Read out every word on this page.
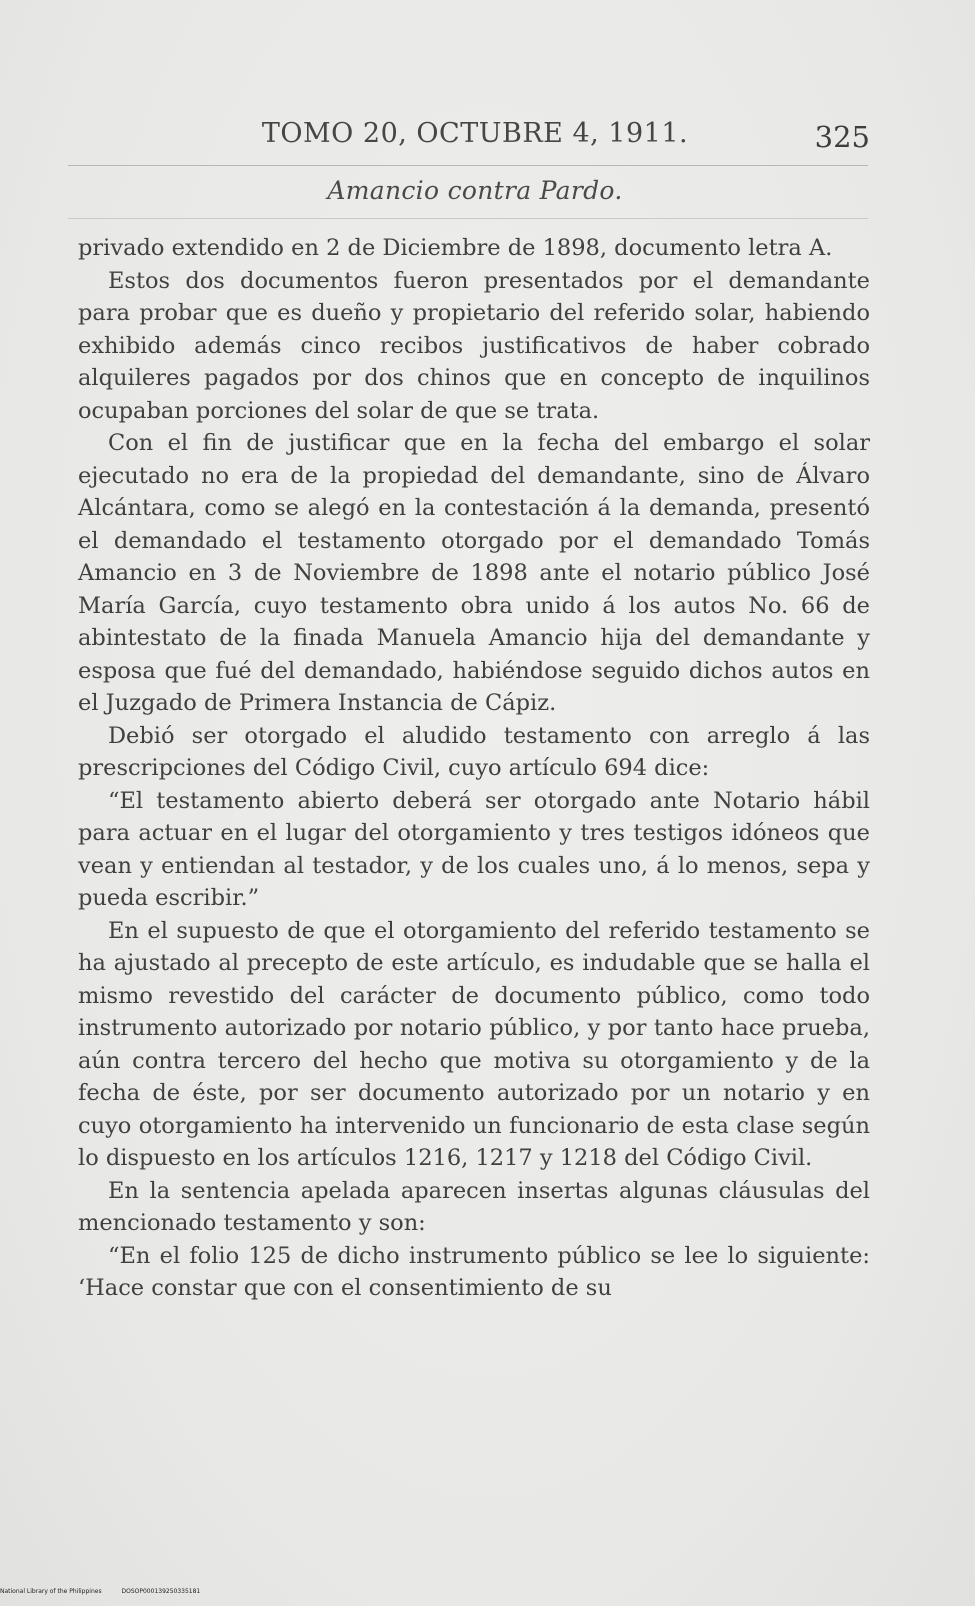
TOMO 20, OCTUBRE 4, 1911.	325
Amancio contra Pardo.

privado extendido en 2 de Diciembre de 1898, documento letra A.

Estos dos documentos fueron presentados por el demandante para probar que es dueño y propietario del referido solar, habiendo exhibido además cinco recibos justificativos de haber cobrado alquileres pagados por dos chinos que en concepto de inquilinos ocupaban porciones del solar de que se trata.

Con el fin de justificar que en la fecha del embargo el solar ejecutado no era de la propiedad del demandante, sino de Álvaro Alcántara, como se alegó en la contestación á la demanda, presentó el demandado el testamento otorgado por el demandado Tomás Amancio en 3 de Noviembre de 1898 ante el notario público José María García, cuyo testamento obra unido á los autos No. 66 de abintestato de la finada Manuela Amancio hija del demandante y esposa que fué del demandado, habiéndose seguido dichos autos en el Juzgado de Primera Instancia de Cápiz.

Debió ser otorgado el aludido testamento con arreglo á las prescripciones del Código Civil, cuyo artículo 694 dice:

“El testamento abierto deberá ser otorgado ante Notario hábil para actuar en el lugar del otorgamiento y tres testigos idóneos que vean y entiendan al testador, y de los cuales uno, á lo menos, sepa y pueda escribir.”

En el supuesto de que el otorgamiento del referido testamento se ha ajustado al precepto de este artículo, es indudable que se halla el mismo revestido del carácter de documento público, como todo instrumento autorizado por notario público, y por tanto hace prueba, aún contra tercero del hecho que motiva su otorgamiento y de la fecha de éste, por ser documento autorizado por un notario y en cuyo otorgamiento ha intervenido un funcionario de esta clase según lo dispuesto en los artículos 1216, 1217 y 1218 del Código Civil.

En la sentencia apelada aparecen insertas algunas cláusulas del mencionado testamento y son:

“En el folio 125 de dicho instrumento público se lee lo siguiente: ‘Hace constar que con el consentimiento de su

National Library of the Philippines	DOSOP000139250335181
